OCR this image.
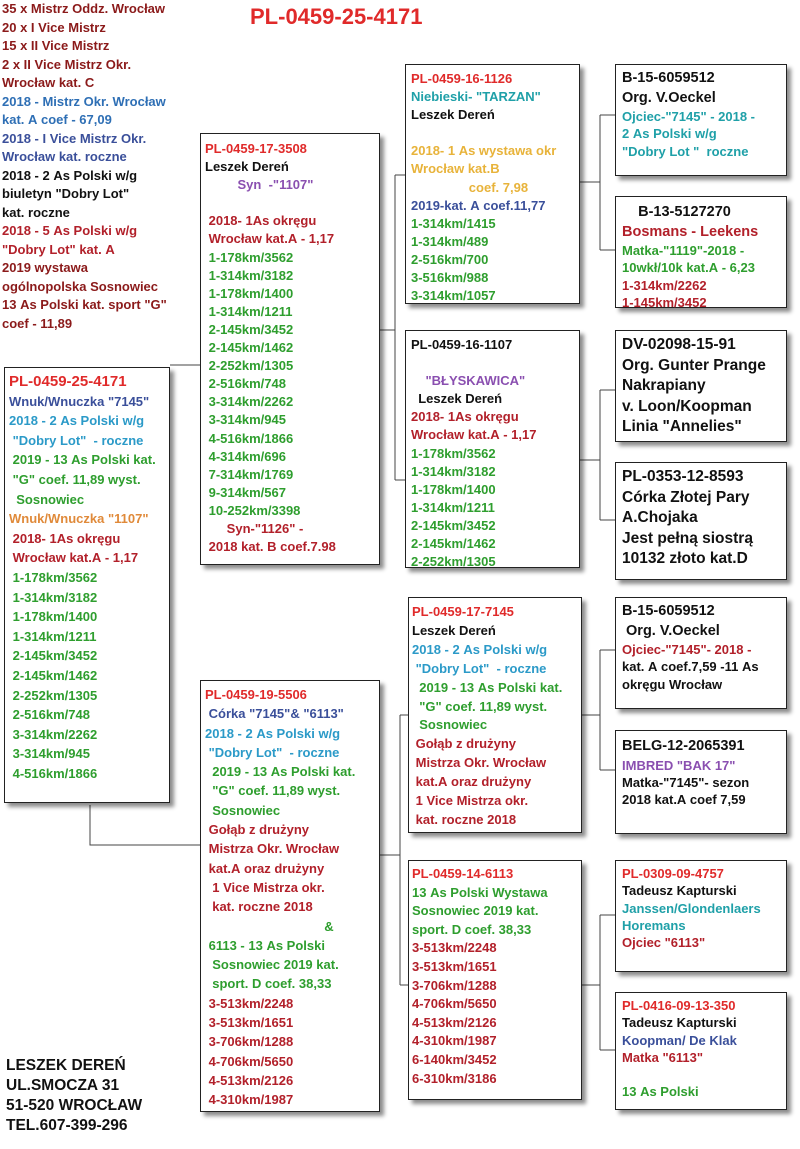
PL-0459-25-4171
35 x Mistrz Oddz. Wrocław
20 x I Vice Mistrz
15 x II Vice Mistrz
2 x II Vice Mistrz Okr.
Wrocław kat. C
2018 - Mistrz Okr. Wrocław
kat. A coef - 67,09
2018 - I Vice Mistrz Okr.
Wrocław kat. roczne
2018 - 2 As Polski w/g
biuletyn "Dobry Lot"
kat. roczne
2018 - 5 As Polski w/g
"Dobry Lot" kat. A
2019 wystawa
ogólnopolska Sosnowiec
13 As Polski kat. sport "G"
coef - 11,89
PL-0459-25-4171
Wnuk/Wnuczka "7145"
2018 - 2 As Polski w/g
"Dobry Lot"  - roczne
2019 - 13 As Polski kat.
"G" coef. 11,89 wyst.
Sosnowiec
Wnuk/Wnuczka "1107"
2018- 1As okręgu
Wrocław kat.A - 1,17
1-178km/3562
1-314km/3182
1-178km/1400
1-314km/1211
2-145km/3452
2-145km/1462
2-252km/1305
2-516km/748
3-314km/2262
3-314km/945
4-516km/1866
PL-0459-17-3508
Leszek Dereń
Syn  -"1107"

2018- 1As okręgu
Wrocław kat.A - 1,17
1-178km/3562
1-314km/3182
1-178km/1400
1-314km/1211
2-145km/3452
2-145km/1462
2-252km/1305
2-516km/748
3-314km/2262
3-314km/945
4-516km/1866
4-314km/696
7-314km/1769
9-314km/567
10-252km/3398
Syn-"1126" -
2018 kat. B coef.7.98
PL-0459-16-1126
Niebieski- "TARZAN"
Leszek Dereń

2018- 1 As wystawa okr
Wrocław kat.B
coef. 7,98
2019-kat. A coef.11,77
1-314km/1415
1-314km/489
2-516km/700
3-516km/988
3-314km/1057
PL-0459-16-1107

"BŁYSKAWICA"
Leszek Dereń
2018- 1As okręgu
Wrocław kat.A - 1,17
1-178km/3562
1-314km/3182
1-178km/1400
1-314km/1211
2-145km/3452
2-145km/1462
2-252km/1305
B-15-6059512
Org. V.Oeckel
Ojciec-"7145" - 2018 -
2 As Polski w/g
"Dobry Lot "  roczne
B-13-5127270
Bosmans - Leekens
Matka-"1119"-2018 -
10wkł/10k kat.A - 6,23
1-314km/2262
1-145km/3452
DV-02098-15-91
Org. Gunter Prange
Nakrapiany
v. Loon/Koopman
Linia "Annelies"
PL-0353-12-8593
Córka Złotej Pary
A.Chojaka
Jest pełną siostrą
10132 złoto kat.D
PL-0459-19-5506
Córka "7145"& "6113"
2018 - 2 As Polski w/g
"Dobry Lot"  - roczne
2019 - 13 As Polski kat.
"G" coef. 11,89 wyst.
Sosnowiec
Gołąb z drużyny
Mistrza Okr. Wrocław
kat.A oraz drużyny
1 Vice Mistrza okr.
kat. roczne 2018
&
6113 - 13 As Polski
Sosnowiec 2019 kat.
sport. D coef. 38,33
3-513km/2248
3-513km/1651
3-706km/1288
4-706km/5650
4-513km/2126
4-310km/1987
PL-0459-17-7145
Leszek Dereń
2018 - 2 As Polski w/g
"Dobry Lot"  - roczne
2019 - 13 As Polski kat.
"G" coef. 11,89 wyst.
Sosnowiec
Gołąb z drużyny
Mistrza Okr. Wrocław
kat.A oraz drużyny
1 Vice Mistrza okr.
kat. roczne 2018
PL-0459-14-6113
13 As Polski Wystawa
Sosnowiec 2019 kat.
sport. D coef. 38,33
3-513km/2248
3-513km/1651
3-706km/1288
4-706km/5650
4-513km/2126
4-310km/1987
6-140km/3452
6-310km/3186
B-15-6059512
Org. V.Oeckel
Ojciec-"7145"- 2018 -
kat. A coef.7,59 -11 As
okręgu Wrocław
BELG-12-2065391
IMBRED "BAK 17"
Matka-"7145"- sezon
2018 kat.A coef 7,59
PL-0309-09-4757
Tadeusz Kapturski
Janssen/Glondenlaers
Horemans
Ojciec "6113"
PL-0416-09-13-350
Tadeusz Kapturski
Koopman/ De Klak
Matka "6113"

13 As Polski
LESZEK DEREŃ
UL.SMOCZA 31
51-520 WROCŁAW
TEL.607-399-296
